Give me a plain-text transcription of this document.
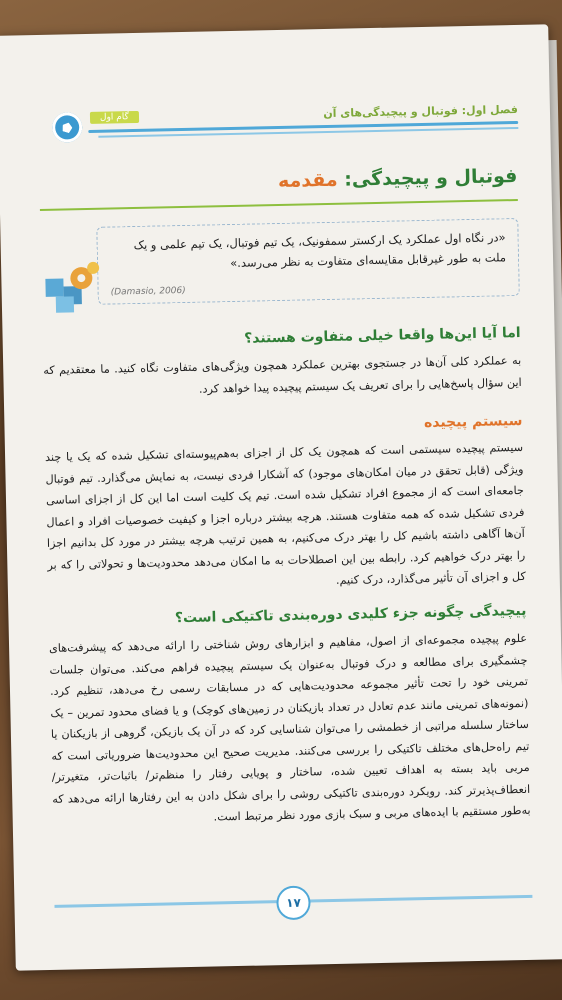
گام اول	فصل اول: فوتبال و پیچیدگی‌های آن
فوتبال و پیچیدگی: مقدمه
«در نگاه اول عملکرد یک ارکستر سمفونیک، یک تیم فوتبال، یک تیم علمی و یک ملت به طور غیرقابل مقایسه‌ای متفاوت به نظر می‌رسد.»
(Damasio, 2006)
اما آیا این‌ها واقعا خیلی متفاوت هستند؟
به عملکرد کلی آن‌ها در جستجوی بهترین عملکرد همچون ویژگی‌های متفاوت نگاه کنید. ما معتقدیم که این سؤال پاسخ‌هایی را برای تعریف یک سیستم پیچیده پیدا خواهد کرد.
سیستم پیچیده
سیستم پیچیده سیستمی است که همچون یک کل از اجزای به‌هم‌پیوسته‌ای تشکیل شده که یک یا چند ویژگی (قابل تحقق در میان امکان‌های موجود) که آشکارا فردی نیست، به نمایش می‌گذارد. تیم فوتبال جامعه‌ای است که از مجموع افراد تشکیل شده است. تیم یک کلیت است اما این کل از اجزای اساسی فردی تشکیل شده که همه متفاوت هستند. هرچه بیشتر درباره اجزا و کیفیت خصوصیات افراد و اعمال آن‌ها آگاهی داشته باشیم کل را بهتر درک می‌کنیم، به همین ترتیب هرچه بیشتر در مورد کل بدانیم اجزا را بهتر درک خواهیم کرد. رابطه بین این اصطلاحات به ما امکان می‌دهد محدودیت‌ها و تحولاتی را که بر کل و اجزای آن تأثیر می‌گذارد، درک کنیم.
پیچیدگی چگونه جزء کلیدی دوره‌بندی تاکتیکی است؟
علوم پیچیده مجموعه‌ای از اصول، مفاهیم و ابزارهای روش شناختی را ارائه می‌دهد که پیشرفت‌های چشمگیری برای مطالعه و درک فوتبال به‌عنوان یک سیستم پیچیده فراهم می‌کند. می‌توان جلسات تمرینی خود را تحت تأثیر مجموعه محدودیت‌هایی که در مسابقات رسمی رخ می‌دهد، تنظیم کرد. (نمونه‌های تمرینی مانند عدم تعادل در تعداد بازیکنان در زمین‌های کوچک) و یا فضای محدود تمرین – یک ساختار سلسله مراتبی از خطمشی را می‌توان شناسایی کرد که در آن یک بازیکن، گروهی از بازیکنان یا تیم راه‌حل‌های مختلف تاکتیکی را بررسی می‌کنند. مدیریت صحیح این محدودیت‌ها ضروریاتی است که مربی باید بسته به اهداف تعیین شده، ساختار و پویایی رفتار را منظم‌تر/ باثبات‌تر، متغیرتر/ انعطاف‌پذیرتر کند. رویکرد دوره‌بندی تاکتیکی روشی را برای شکل دادن به این رفتارها ارائه می‌دهد که به‌طور مستقیم با ایده‌های مربی و سبک بازی مورد نظر مرتبط است.
۱۷
